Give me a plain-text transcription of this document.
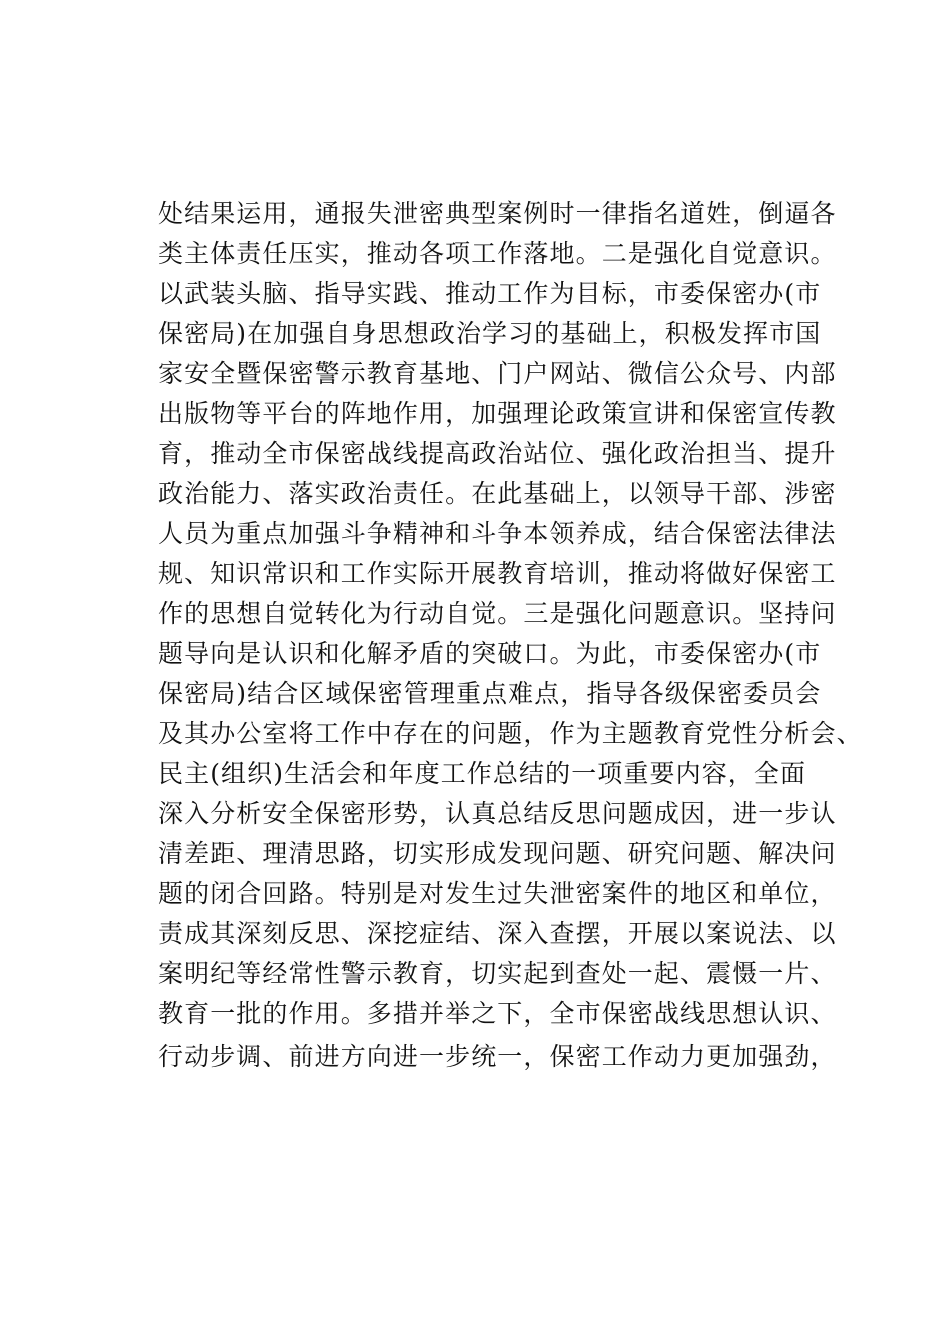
处结果运用，通报失泄密典型案例时一律指名道姓，倒逼各
类主体责任压实，推动各项工作落地。二是强化自觉意识。
以武装头脑、指导实践、推动工作为目标，市委保密办(市
保密局)在加强自身思想政治学习的基础上，积极发挥市国
家安全暨保密警示教育基地、门户网站、微信公众号、内部
出版物等平台的阵地作用，加强理论政策宣讲和保密宣传教
育，推动全市保密战线提高政治站位、强化政治担当、提升
政治能力、落实政治责任。在此基础上，以领导干部、涉密
人员为重点加强斗争精神和斗争本领养成，结合保密法律法
规、知识常识和工作实际开展教育培训，推动将做好保密工
作的思想自觉转化为行动自觉。三是强化问题意识。坚持问
题导向是认识和化解矛盾的突破口。为此，市委保密办(市
保密局)结合区域保密管理重点难点，指导各级保密委员会
及其办公室将工作中存在的问题，作为主题教育党性分析会、
民主(组织)生活会和年度工作总结的一项重要内容，全面
深入分析安全保密形势，认真总结反思问题成因，进一步认
清差距、理清思路，切实形成发现问题、研究问题、解决问
题的闭合回路。特别是对发生过失泄密案件的地区和单位，
责成其深刻反思、深挖症结、深入查摆，开展以案说法、以
案明纪等经常性警示教育，切实起到查处一起、震慑一片、
教育一批的作用。多措并举之下，全市保密战线思想认识、
行动步调、前进方向进一步统一，保密工作动力更加强劲，
